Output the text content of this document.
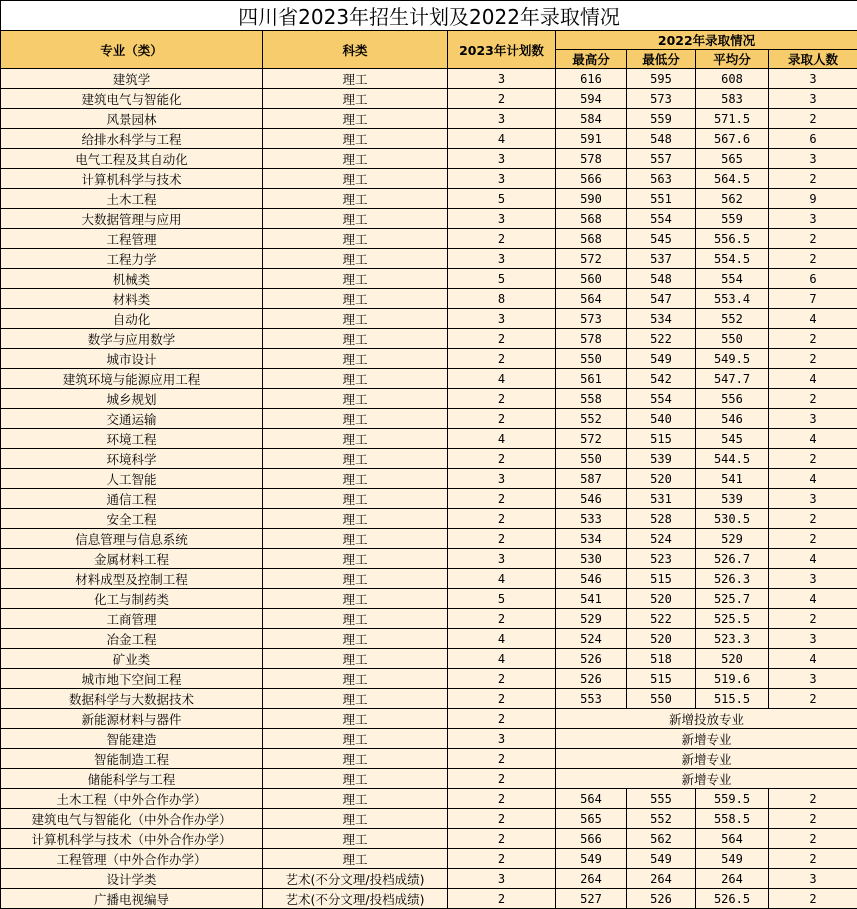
四川省2023年招生计划及2022年录取情况						
专业（类）	科类	2023年计划数	2022年录取情况			
			最高分	最低分	平均分	录取人数
建筑学	理工	3	616	595	608	3
建筑电气与智能化	理工	2	594	573	583	3
风景园林	理工	3	584	559	571.5	2
给排水科学与工程	理工	4	591	548	567.6	6
电气工程及其自动化	理工	3	578	557	565	3
计算机科学与技术	理工	3	566	563	564.5	2
土木工程	理工	5	590	551	562	9
大数据管理与应用	理工	3	568	554	559	3
工程管理	理工	2	568	545	556.5	2
工程力学	理工	3	572	537	554.5	2
机械类	理工	5	560	548	554	6
材料类	理工	8	564	547	553.4	7
自动化	理工	3	573	534	552	4
数学与应用数学	理工	2	578	522	550	2
城市设计	理工	2	550	549	549.5	2
建筑环境与能源应用工程	理工	4	561	542	547.7	4
城乡规划	理工	2	558	554	556	2
交通运输	理工	2	552	540	546	3
环境工程	理工	4	572	515	545	4
环境科学	理工	2	550	539	544.5	2
人工智能	理工	3	587	520	541	4
通信工程	理工	2	546	531	539	3
安全工程	理工	2	533	528	530.5	2
信息管理与信息系统	理工	2	534	524	529	2
金属材料工程	理工	3	530	523	526.7	4
材料成型及控制工程	理工	4	546	515	526.3	3
化工与制药类	理工	5	541	520	525.7	4
工商管理	理工	2	529	522	525.5	2
冶金工程	理工	4	524	520	523.3	3
矿业类	理工	4	526	518	520	4
城市地下空间工程	理工	2	526	515	519.6	3
数据科学与大数据技术	理工	2	553	550	515.5	2
新能源材料与器件	理工	2	新增投放专业			
智能建造	理工	3	新增专业			
智能制造工程	理工	2	新增专业			
储能科学与工程	理工	2	新增专业			
土木工程（中外合作办学）	理工	2	564	555	559.5	2
建筑电气与智能化（中外合作办学）	理工	2	565	552	558.5	2
计算机科学与技术（中外合作办学）	理工	2	566	562	564	2
工程管理（中外合作办学）	理工	2	549	549	549	2
设计学类	艺术(不分文理/投档成绩)	3	264	264	264	3
广播电视编导	艺术(不分文理/投档成绩)	2	527	526	526.5	2
